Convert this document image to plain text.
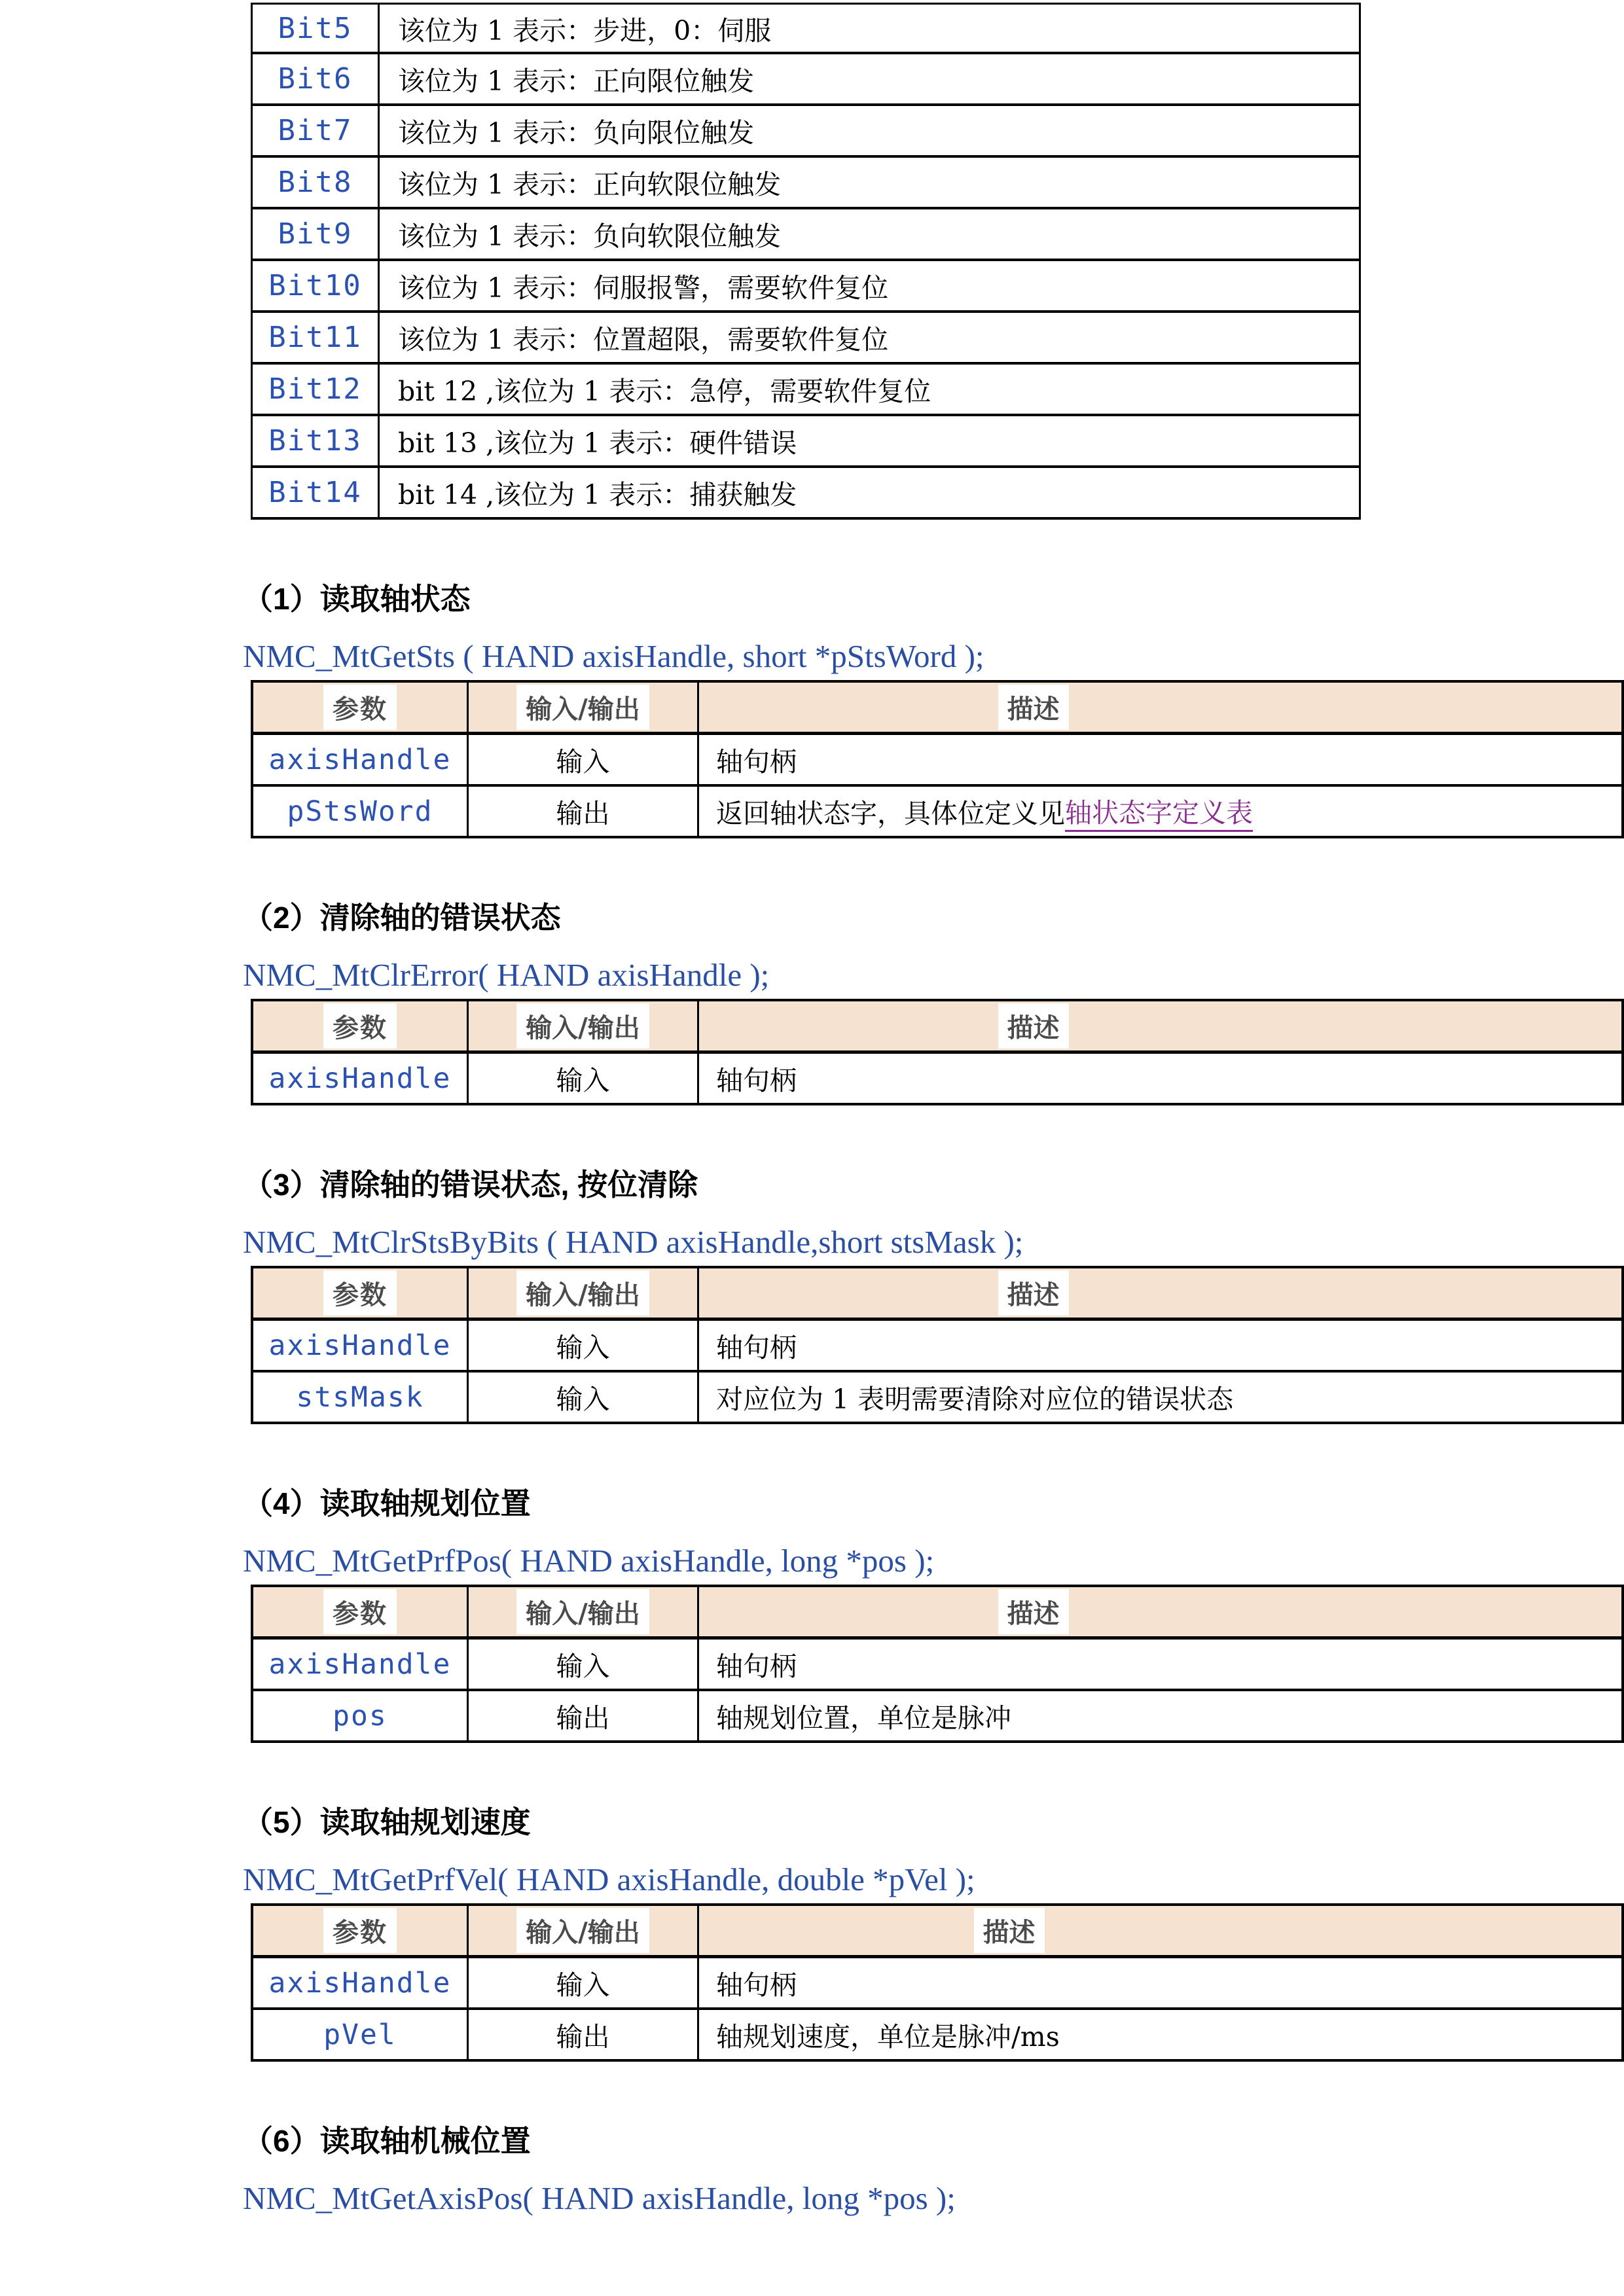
Bit5	该位为 1 表示：步进，0：伺服
Bit6	该位为 1 表示：正向限位触发
Bit7	该位为 1 表示：负向限位触发
Bit8	该位为 1 表示：正向软限位触发
Bit9	该位为 1 表示：负向软限位触发
Bit10	该位为 1 表示：伺服报警，需要软件复位
Bit11	该位为 1 表示：位置超限，需要软件复位
Bit12	bit 12 ,该位为 1 表示：急停，需要软件复位
Bit13	bit 13 ,该位为 1 表示：硬件错误
Bit14	bit 14 ,该位为 1 表示：捕获触发
（1）读取轴状态
NMC_MtGetSts ( HAND axisHandle, short *pStsWord );
参数	输入/输出	描述
axisHandle	输入	轴句柄
pStsWord	输出	返回轴状态字，具体位定义见 轴状态字定义表
（2）清除轴的错误状态
NMC_MtClrError( HAND axisHandle );
参数	输入/输出	描述
axisHandle	输入	轴句柄
（3）清除轴的错误状态, 按位清除
NMC_MtClrStsByBits ( HAND axisHandle,short stsMask );
参数	输入/输出	描述
axisHandle	输入	轴句柄
stsMask	输入	对应位为 1 表明需要清除对应位的错误状态
（4）读取轴规划位置
NMC_MtGetPrfPos( HAND axisHandle, long *pos );
参数	输入/输出	描述
axisHandle	输入	轴句柄
pos	输出	轴规划位置，单位是脉冲
（5）读取轴规划速度
NMC_MtGetPrfVel( HAND axisHandle, double *pVel );
参数	输入/输出	描述
axisHandle	输入	轴句柄
pVel	输出	轴规划速度，单位是脉冲/ms
（6）读取轴机械位置
NMC_MtGetAxisPos( HAND axisHandle, long *pos );
